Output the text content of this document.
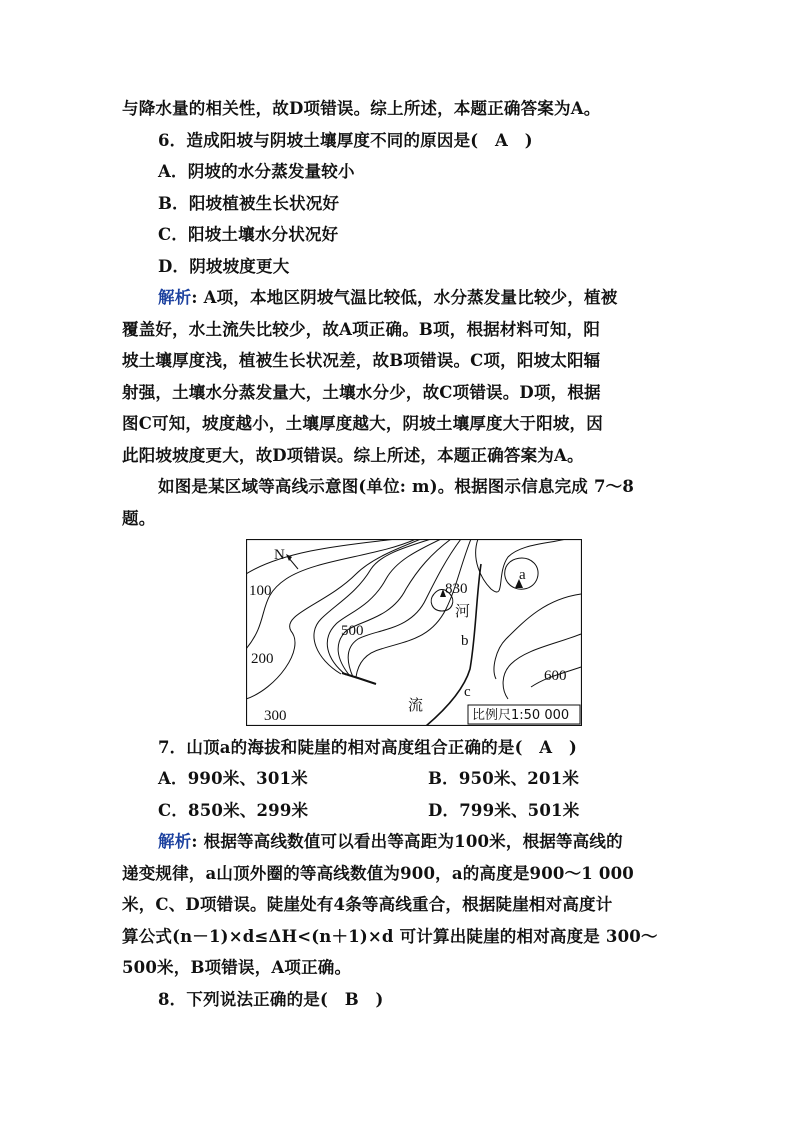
与降水量的相关性，故D项错误。综上所述，本题正确答案为A。
6．造成阳坡与阴坡土壤厚度不同的原因是(　A　)
A．阴坡的水分蒸发量较小
B．阳坡植被生长状况好
C．阳坡土壤水分状况好
D．阴坡坡度更大
解析: A项，本地区阴坡气温比较低，水分蒸发量比较少，植被
覆盖好，水土流失比较少，故A项正确。B项，根据材料可知，阳
坡土壤厚度浅，植被生长状况差，故B项错误。C项，阳坡太阳辐
射强，土壤水分蒸发量大，土壤水分少，故C项错误。D项，根据
图C可知，坡度越小，土壤厚度越大，阴坡土壤厚度大于阳坡，因
此阳坡坡度更大，故D项错误。综上所述，本题正确答案为A。
如图是某区域等高线示意图(单位: m)。根据图示信息完成 7～8
题。
N
100
200
300
500
600
830
a
b
c
河
流
比例尺1:50 000
7．山顶a的海拔和陡崖的相对高度组合正确的是(　A　)
A．990米、301米	B．950米、201米
C．850米、299米	D．799米、501米
解析: 根据等高线数值可以看出等高距为100米，根据等高线的
递变规律，a山顶外圈的等高线数值为900，a的高度是900～1 000
米，C、D项错误。陡崖处有4条等高线重合，根据陡崖相对高度计
算公式(n－1)×d≤ΔH<(n＋1)×d 可计算出陡崖的相对高度是 300～
500米，B项错误，A项正确。
8．下列说法正确的是(　B　)
